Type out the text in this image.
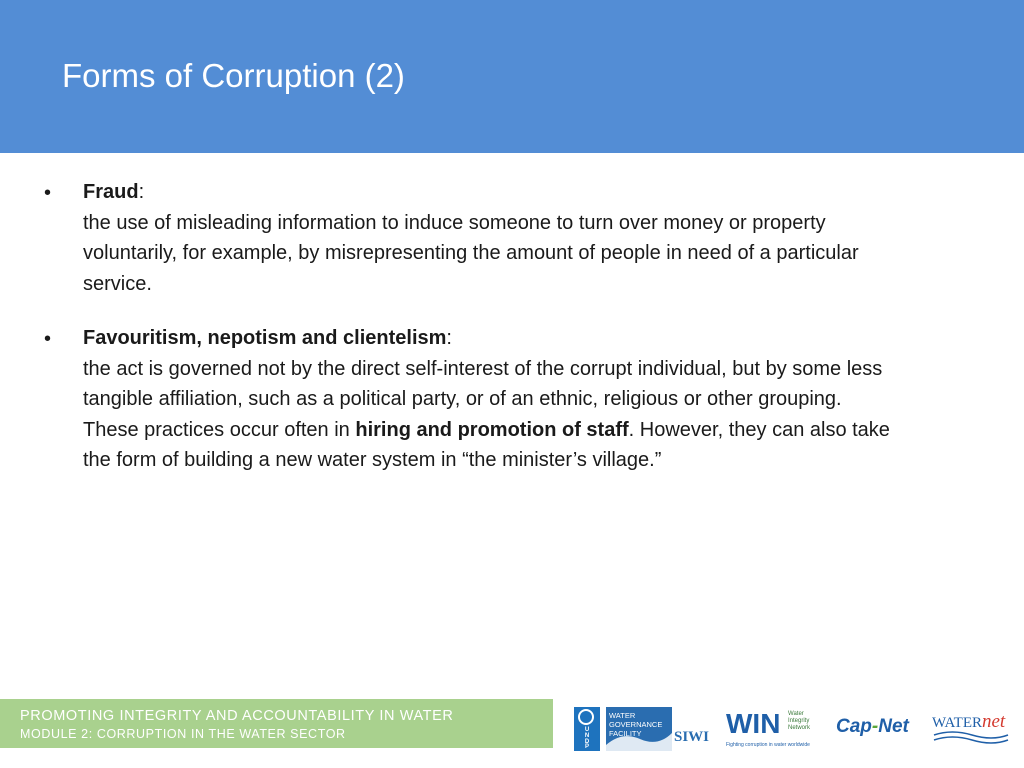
Forms of Corruption (2)
• Fraud:
the use of misleading information to induce someone to turn over money or property voluntarily, for example, by misrepresenting the amount of people in need of a particular service.
• Favouritism, nepotism and clientelism:
the act is governed not by the direct self-interest of the corrupt individual, but by some less tangible affiliation, such as a political party, or of an ethnic, religious or other grouping. These practices occur often in hiring and promotion of staff. However, they can also take the form of building a new water system in “the minister’s village.”
PROMOTING INTEGRITY AND ACCOUNTABILITY IN WATER
MODULE 2: CORRUPTION IN THE WATER SECTOR	U
N
D
P
WATER
GOVERNANCE
FACILITY	SIWI WIN Water
Integrity
Network
Fighting corruption in water worldwide
Cap-Net	WATERnet
